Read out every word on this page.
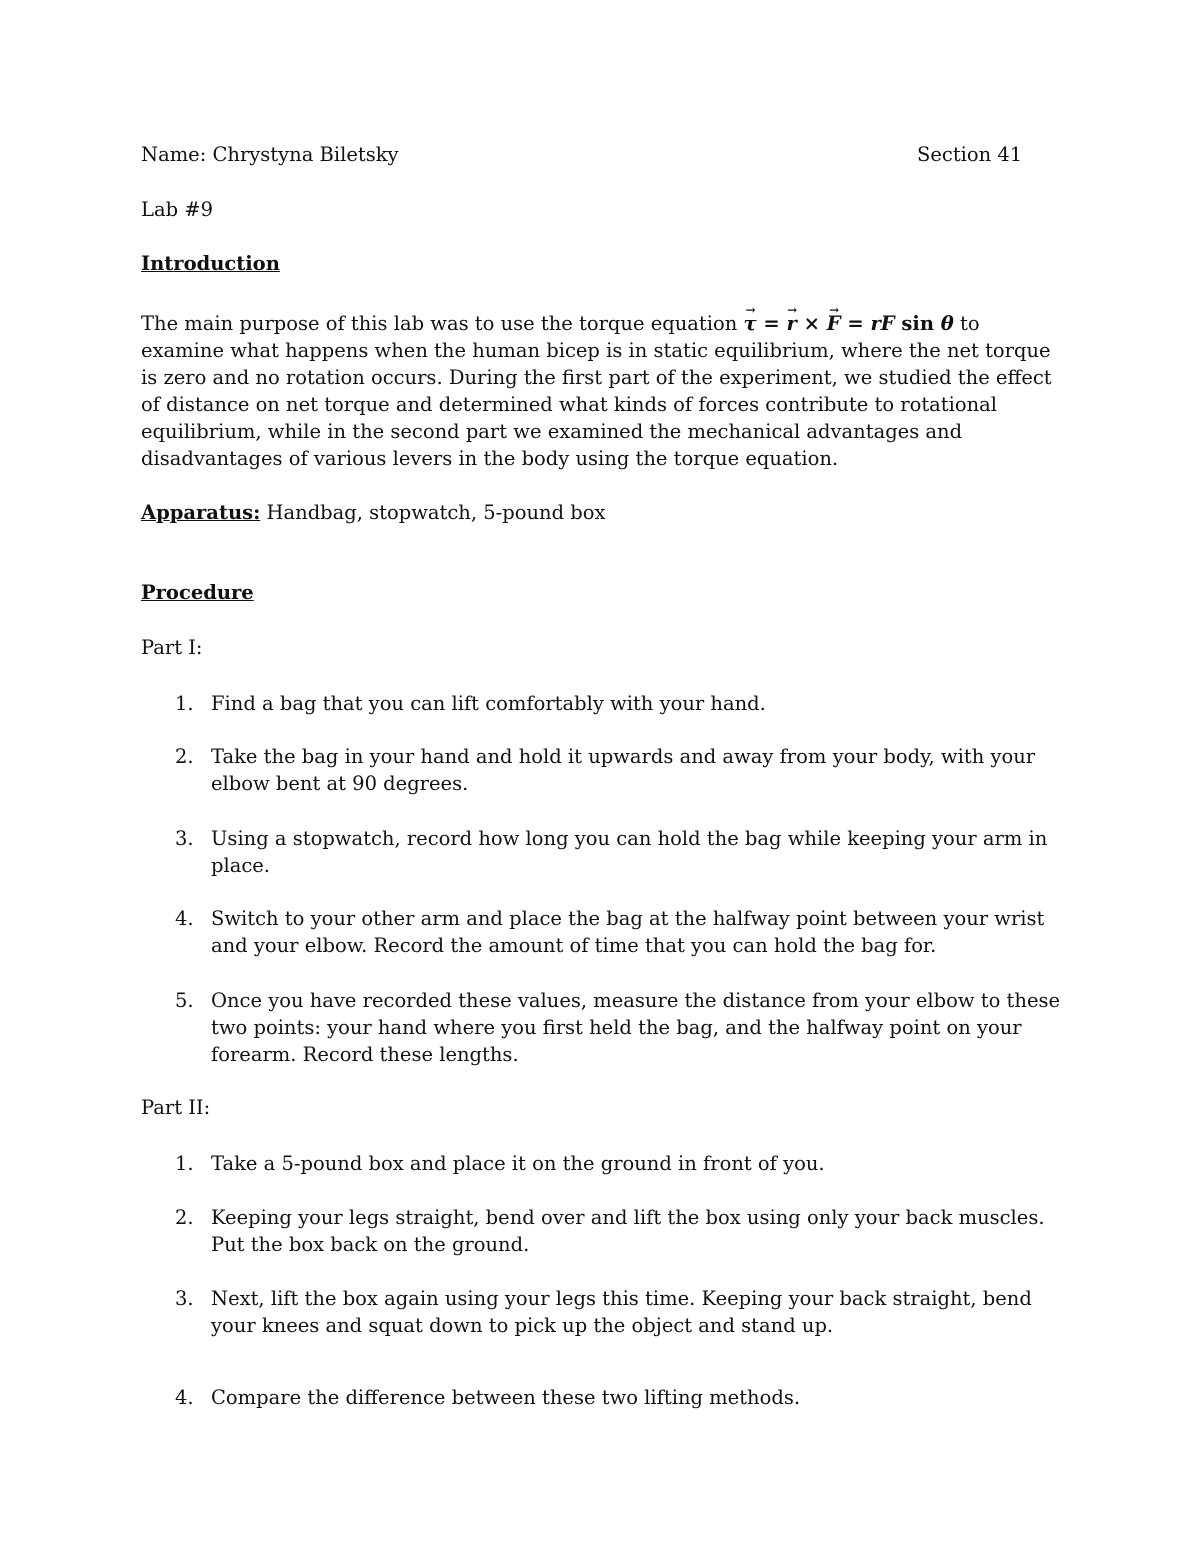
Name: Chrystyna Biletsky	Section 41
Lab #9
Introduction
The main purpose of this lab was to use the torque equation → τ = → r × → F = rF sin θ to examine what happens when the human bicep is in static equilibrium, where the net torque is zero and no rotation occurs. During the first part of the experiment, we studied the effect of distance on net torque and determined what kinds of forces contribute to rotational equilibrium, while in the second part we examined the mechanical advantages and disadvantages of various levers in the body using the torque equation.
Apparatus: Handbag, stopwatch, 5-pound box
Procedure
Part I:
1. Find a bag that you can lift comfortably with your hand.
2. Take the bag in your hand and hold it upwards and away from your body, with your elbow bent at 90 degrees.
3. Using a stopwatch, record how long you can hold the bag while keeping your arm in place.
4. Switch to your other arm and place the bag at the halfway point between your wrist and your elbow. Record the amount of time that you can hold the bag for.
5. Once you have recorded these values, measure the distance from your elbow to these two points: your hand where you first held the bag, and the halfway point on your forearm. Record these lengths.
Part II:
1. Take a 5-pound box and place it on the ground in front of you.
2. Keeping your legs straight, bend over and lift the box using only your back muscles. Put the box back on the ground.
3. Next, lift the box again using your legs this time. Keeping your back straight, bend your knees and squat down to pick up the object and stand up.
4. Compare the difference between these two lifting methods.
